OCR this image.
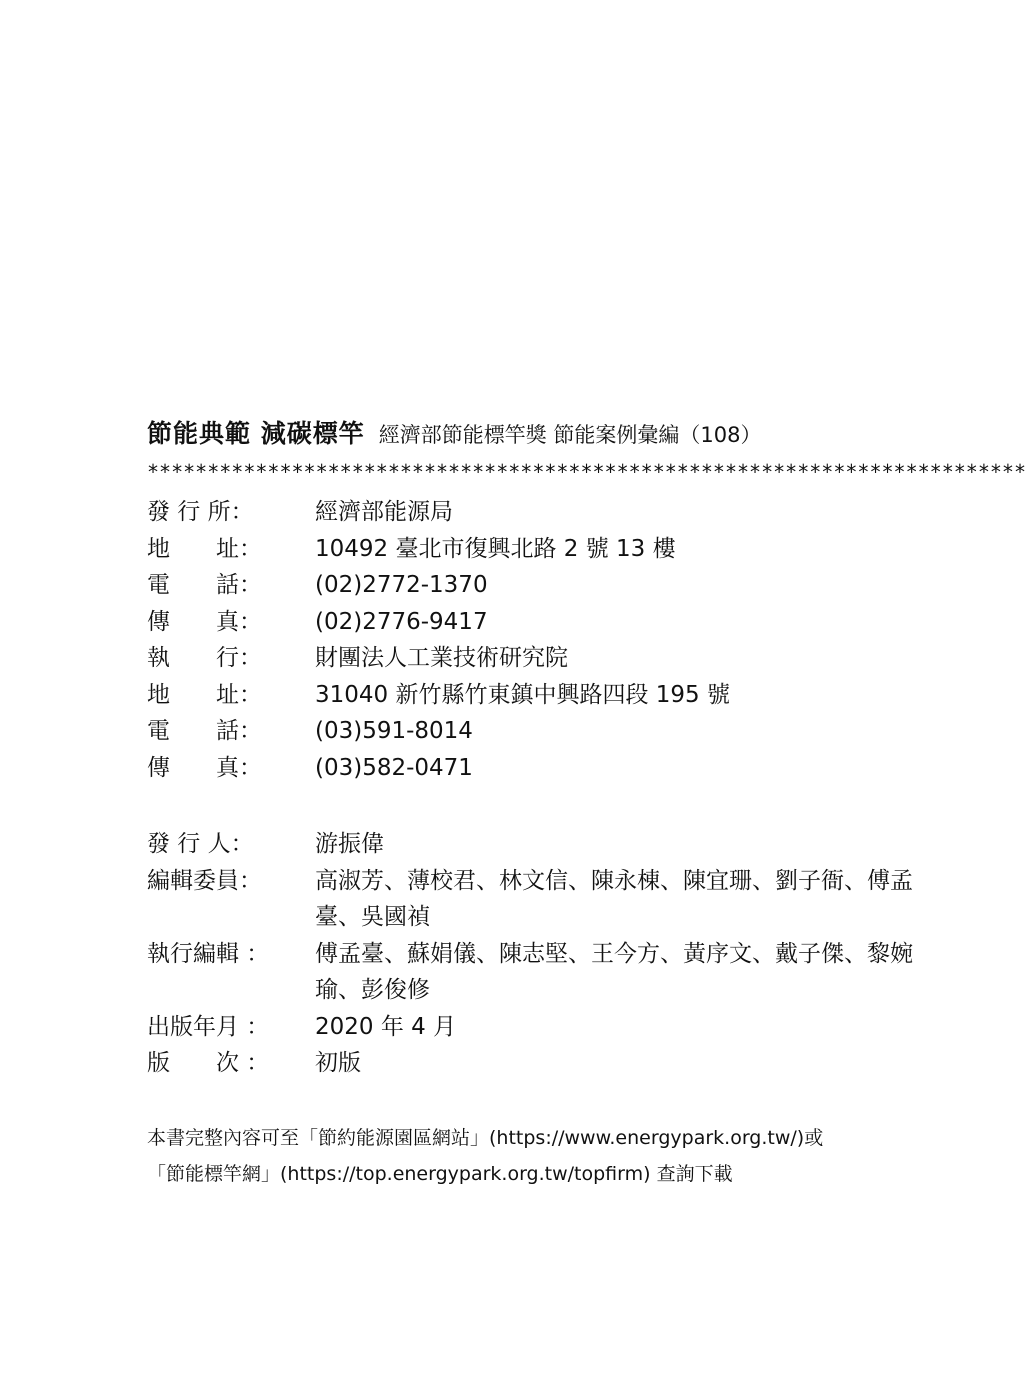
節能典範 減碳標竿 經濟部節能標竿獎 節能案例彙編（108）
*************************************************************************
發 行 所：	經濟部能源局
地　　址：	10492 臺北市復興北路 2 號 13 樓
電　　話：	(02)2772-1370
傳　　真：	(02)2776-9417
執　　行：	財團法人工業技術研究院
地　　址：	31040 新竹縣竹東鎮中興路四段 195 號
電　　話：	(03)591-8014
傳　　真：	(03)582-0471
發 行 人：	游振偉
編輯委員：	高淑芳、薄校君、林文信、陳永棟、陳宜珊、劉子衙、傅孟臺、吳國禎
執行編輯 ：	傅孟臺、蘇娟儀、陳志堅、王今方、黃序文、戴子傑、黎婉瑜、彭俊修
出版年月 ：	2020 年 4 月
版　　次 ：	初版
本書完整內容可至「節約能源園區網站」(https://www.energypark.org.tw/)或
「節能標竿網」(https://top.energypark.org.tw/topfirm) 查詢下載
